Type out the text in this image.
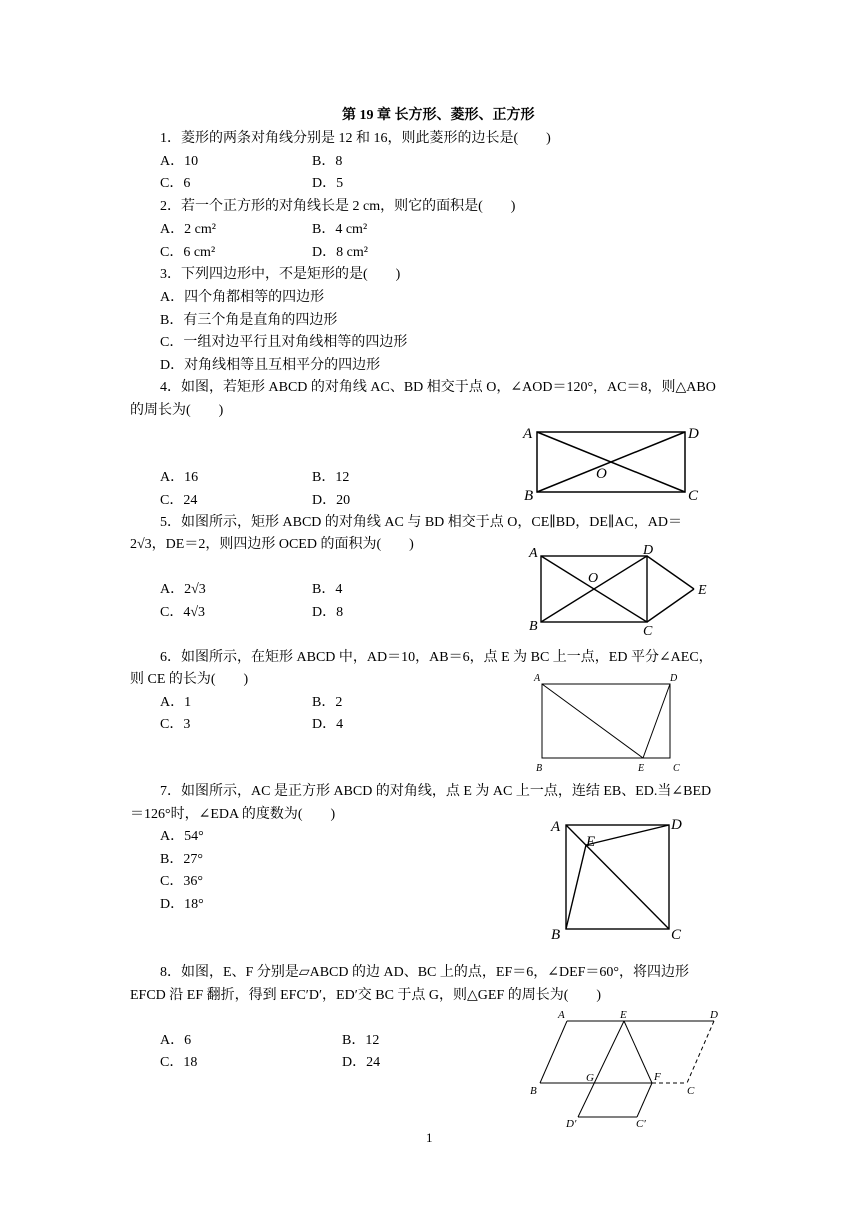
第 19 章 长方形、菱形、正方形
1．菱形的两条对角线分别是 12 和 16，则此菱形的边长是(　　)
A．10	B．8
C．6	D．5
2．若一个正方形的对角线长是 2 cm，则它的面积是(　　)
A．2 cm²	B．4 cm²
C．6 cm²	D．8 cm²
3．下列四边形中，不是矩形的是(　　)
A．四个角都相等的四边形
B．有三个角是直角的四边形
C．一组对边平行且对角线相等的四边形
D．对角线相等且互相平分的四边形
4．如图，若矩形 ABCD 的对角线 AC、BD 相交于点 O，∠AOD＝120°，AC＝8，则△ABO
的周长为(　　)
A．16	B．12
C．24	D．20
A
B	C
D
O
5．如图所示，矩形 ABCD 的对角线 AC 与 BD 相交于点 O，CE∥BD，DE∥AC，AD＝
2√3，DE＝2，则四边形 OCED 的面积为(　　)
A．2√3	B．4
C．4√3	D．8
A
B	C
D
E
O
6．如图所示，在矩形 ABCD 中，AD＝10，AB＝6，点 E 为 BC 上一点，ED 平分∠AEC，
则 CE 的长为(　　)
A．1	B．2
C．3	D．4
A
B	C
D
E
7．如图所示，AC 是正方形 ABCD 的对角线，点 E 为 AC 上一点，连结 EB、ED.当∠BED
＝126°时，∠EDA 的度数为(　　)
A．54°
B．27°
C．36°
D．18°
A
B	C
D
E
8．如图，E、F 分别是▱ABCD 的边 AD、BC 上的点，EF＝6，∠DEF＝60°，将四边形
EFCD 沿 EF 翻折，得到 EFC′D′，ED′交 BC 于点 G，则△GEF 的周长为(　　)
A．6	B．12
C．18	D．24
A
B	C
D
E
F
G
D′	C′
1
